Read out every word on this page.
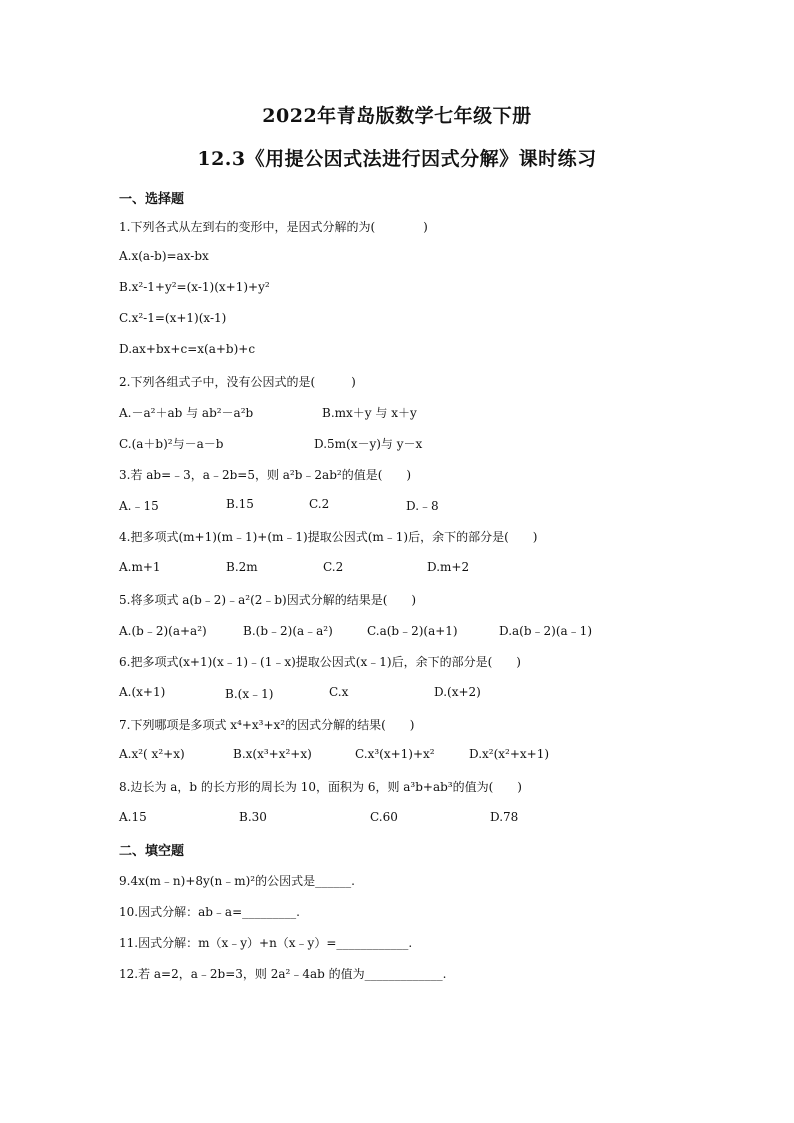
2022年青岛版数学七年级下册
12.3《用提公因式法进行因式分解》课时练习
一、选择题
1.下列各式从左到右的变形中，是因式分解的为(　　　　)
A.x(a-b)=ax-bx
B.x²-1+y²=(x-1)(x+1)+y²
C.x²-1=(x+1)(x-1)
D.ax+bx+c=x(a+b)+c
2.下列各组式子中，没有公因式的是(　　　)
A.－a²＋ab 与 ab²－a²b	B.mx＋y 与 x＋y
C.(a＋b)²与－a－b	D.5m(x－y)与 y－x
3.若 ab=﹣3，a﹣2b=5，则 a²b﹣2ab²的值是(　　)
A.﹣15	B.15	C.2	D.﹣8
4.把多项式(m+1)(m﹣1)+(m﹣1)提取公因式(m﹣1)后，余下的部分是(　　)
A.m+1	B.2m	C.2	D.m+2
5.将多项式 a(b﹣2)﹣a²(2﹣b)因式分解的结果是(　　)
A.(b﹣2)(a+a²)	B.(b﹣2)(a﹣a²)	C.a(b﹣2)(a+1)	D.a(b﹣2)(a﹣1)
6.把多项式(x+1)(x﹣1)﹣(1﹣x)提取公因式(x﹣1)后，余下的部分是(　　)
A.(x+1)	B.(x﹣1)	C.x	D.(x+2)
7.下列哪项是多项式 x⁴+x³+x²的因式分解的结果(　　)
A.x²( x²+x)	B.x(x³+x²+x)	C.x³(x+1)+x²	D.x²(x²+x+1)
8.边长为 a，b 的长方形的周长为 10，面积为 6，则 a³b+ab³的值为(　　)
A.15	B.30	C.60	D.78
二、填空题
9.4x(m﹣n)+8y(n﹣m)²的公因式是______.
10.因式分解：ab﹣a=_________.
11.因式分解：m（x﹣y）+n（x﹣y）=____________.
12.若 a=2，a﹣2b=3，则 2a²﹣4ab 的值为_____________.
